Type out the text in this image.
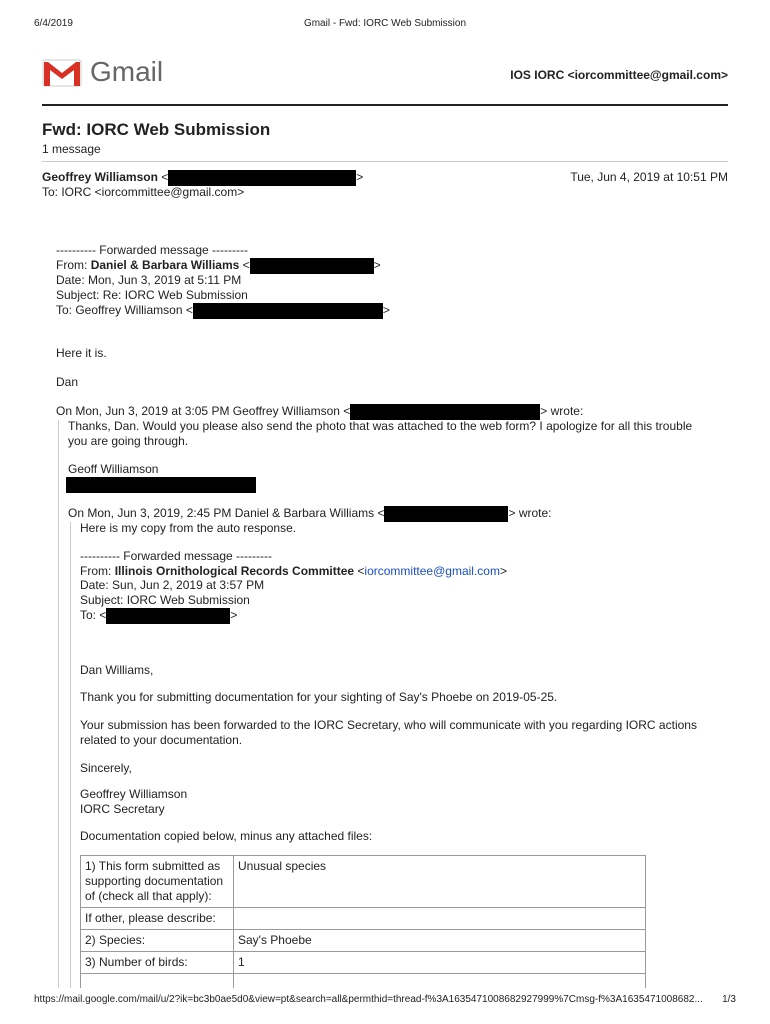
6/4/2019	Gmail - Fwd: IORC Web Submission
Gmail	IOS IORC <iorcommittee@gmail.com>
Fwd: IORC Web Submission
1 message
Geoffrey Williamson <	>	Tue, Jun 4, 2019 at 10:51 PM
To: IORC <iorcommittee@gmail.com>
---------- Forwarded message ---------
From: Daniel & Barbara Williams <	>
Date: Mon, Jun 3, 2019 at 5:11 PM
Subject: Re: IORC Web Submission
To: Geoffrey Williamson <	>
Here it is.
Dan
On Mon, Jun 3, 2019 at 3:05 PM Geoffrey Williamson <	> wrote:
Thanks, Dan. Would you please also send the photo that was attached to the web form? I apologize for all this trouble
you are going through.
Geoff Williamson
On Mon, Jun 3, 2019, 2:45 PM Daniel & Barbara Williams <	> wrote:
Here is my copy from the auto response.
---------- Forwarded message ---------
From: Illinois Ornithological Records Committee <iorcommittee@gmail.com>
Date: Sun, Jun 2, 2019 at 3:57 PM
Subject: IORC Web Submission
To: <	>
Dan Williams,
Thank you for submitting documentation for your sighting of Say's Phoebe on 2019-05-25.
Your submission has been forwarded to the IORC Secretary, who will communicate with you regarding IORC actions
related to your documentation.
Sincerely,
Geoffrey Williamson
IORC Secretary
Documentation copied below, minus any attached files:
1) This form submitted as supporting documentation of (check all that apply):	Unusual species
If other, please describe:	
2) Species:	Say's Phoebe
3) Number of birds:	1

https://mail.google.com/mail/u/2?ik=bc3b0ae5d0&view=pt&search=all&permthid=thread-f%3A1635471008682927999%7Cmsg-f%3A1635471008682... 1/3
